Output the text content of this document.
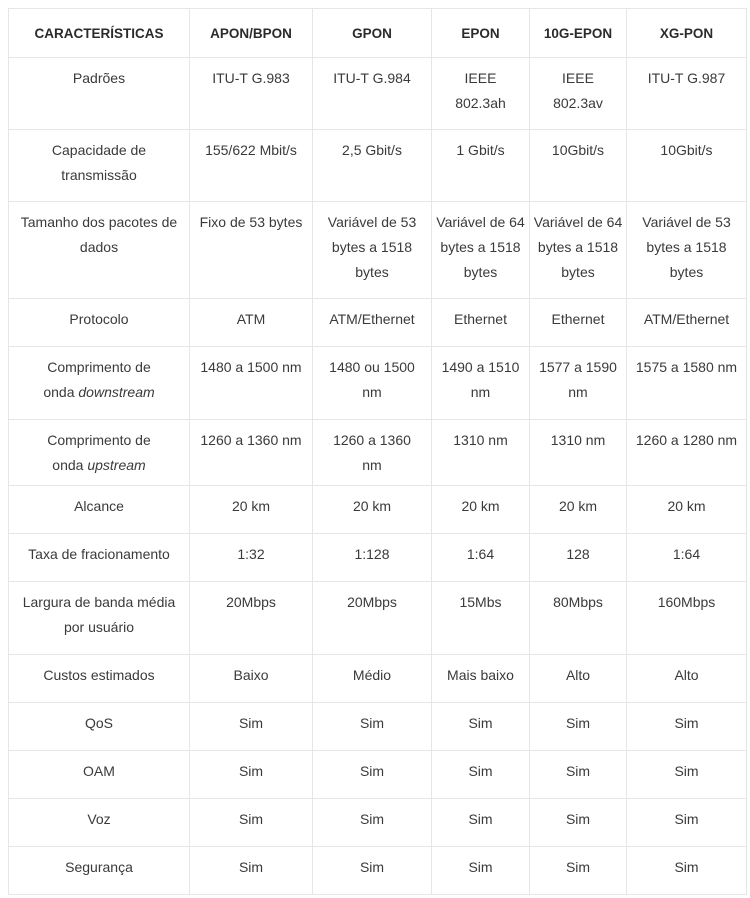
CARACTERÍSTICAS	APON/BPON	GPON	EPON	10G-EPON	XG-PON
Padrões	ITU-T G.983	ITU-T G.984	IEEE 802.3ah	IEEE 802.3av	ITU-T G.987
Capacidade de transmissão	155/622 Mbit/s	2,5 Gbit/s	1 Gbit/s	10Gbit/s	10Gbit/s
Tamanho dos pacotes de dados	Fixo de 53 bytes	Variável de 53 bytes a 1518 bytes	Variável de 64 bytes a 1518 bytes	Variável de 64 bytes a 1518 bytes	Variável de 53 bytes a 1518 bytes
Protocolo	ATM	ATM/Ethernet	Ethernet	Ethernet	ATM/Ethernet
Comprimento de onda downstream	1480 a 1500 nm	1480 ou 1500 nm	1490 a 1510 nm	1577 a 1590 nm	1575 a 1580 nm
Comprimento de onda upstream	1260 a 1360 nm	1260 a 1360 nm	1310 nm	1310 nm	1260 a 1280 nm
Alcance	20 km	20 km	20 km	20 km	20 km
Taxa de fracionamento	1:32	1:128	1:64	128	1:64
Largura de banda média por usuário	20Mbps	20Mbps	15Mbs	80Mbps	160Mbps
Custos estimados	Baixo	Médio	Mais baixo	Alto	Alto
QoS	Sim	Sim	Sim	Sim	Sim
OAM	Sim	Sim	Sim	Sim	Sim
Voz	Sim	Sim	Sim	Sim	Sim
Segurança	Sim	Sim	Sim	Sim	Sim
